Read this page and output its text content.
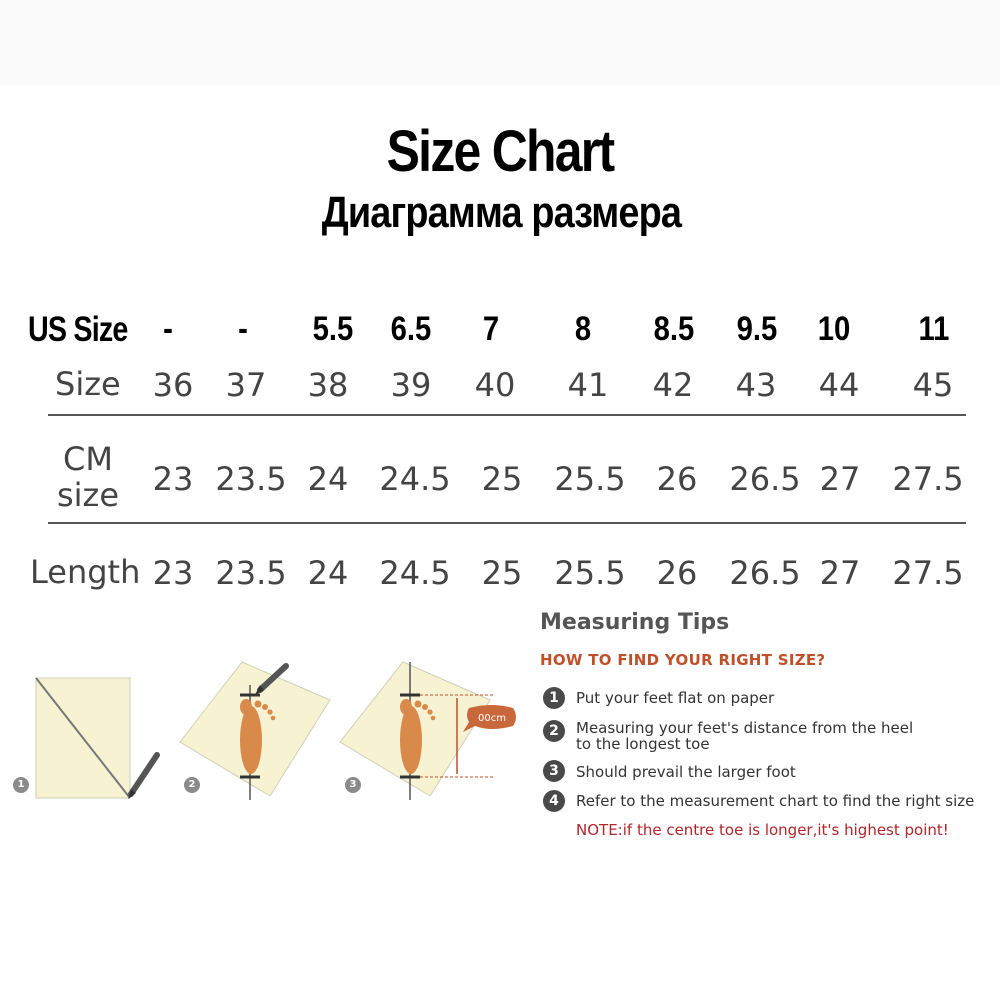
Size Chart
Диаграмма размера
US Size	-	-	5.5	6.5	7	8	8.5	9.5	10	11
Size 36	37	38	39	40	41	42	43	44	45
CM
size	23 23.5 24 24.5 25	25.5 26	26.5 27	27.5
Length 23 23.5 24 24.5 25	25.5 26	26.5 27	27.5
1	2
00cm
3
Measuring Tips
HOW TO FIND YOUR RIGHT SIZE?
1	Put your feet flat on paper
2	Measuring your feet's distance from the heel
to the longest toe
3	Should prevail the larger foot
4	Refer to the measurement chart to find the right size
NOTE:if the centre toe is longer,it's highest point!
